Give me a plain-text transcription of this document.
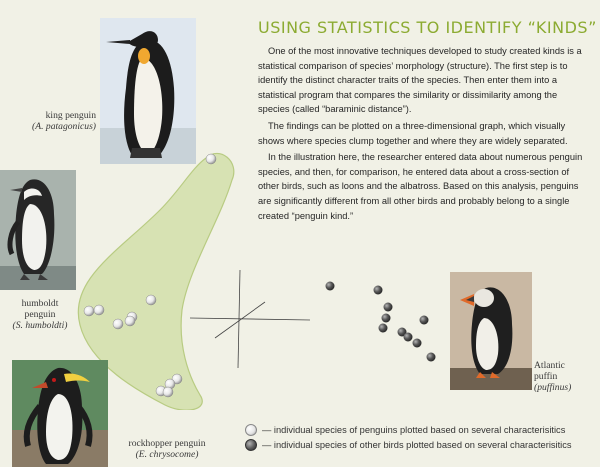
USING STATISTICS TO IDENTIFY “KINDS”

One of the most innovative techniques developed to study created kinds is a statistical comparison of species’ morphology (structure). The first step is to identify the distinct character traits of the species. Then enter them into a statistical program that compares the similarity or dissimilarity among the species (called “baraminic distance”).

The findings can be plotted on a three-dimensional graph, which visually shows where species clump together and where they are widely separated.

In the illustration here, the researcher entered data about numerous penguin species, and then, for comparison, he entered data about a cross-section of other birds, such as loons and the albatross. Based on this analysis, penguins are significantly different from all other birds and probably belong to a single created “penguin kind.”

king penguin
(A. patagonicus)
humboldt
penguin
(S. humboldti)
rockhopper penguin
(E. chrysocome)
Atlantic
puffin
(puffinus)
— individual species of penguins plotted based on several characterisitics
— individual species of other birds plotted based on several characterisitics
